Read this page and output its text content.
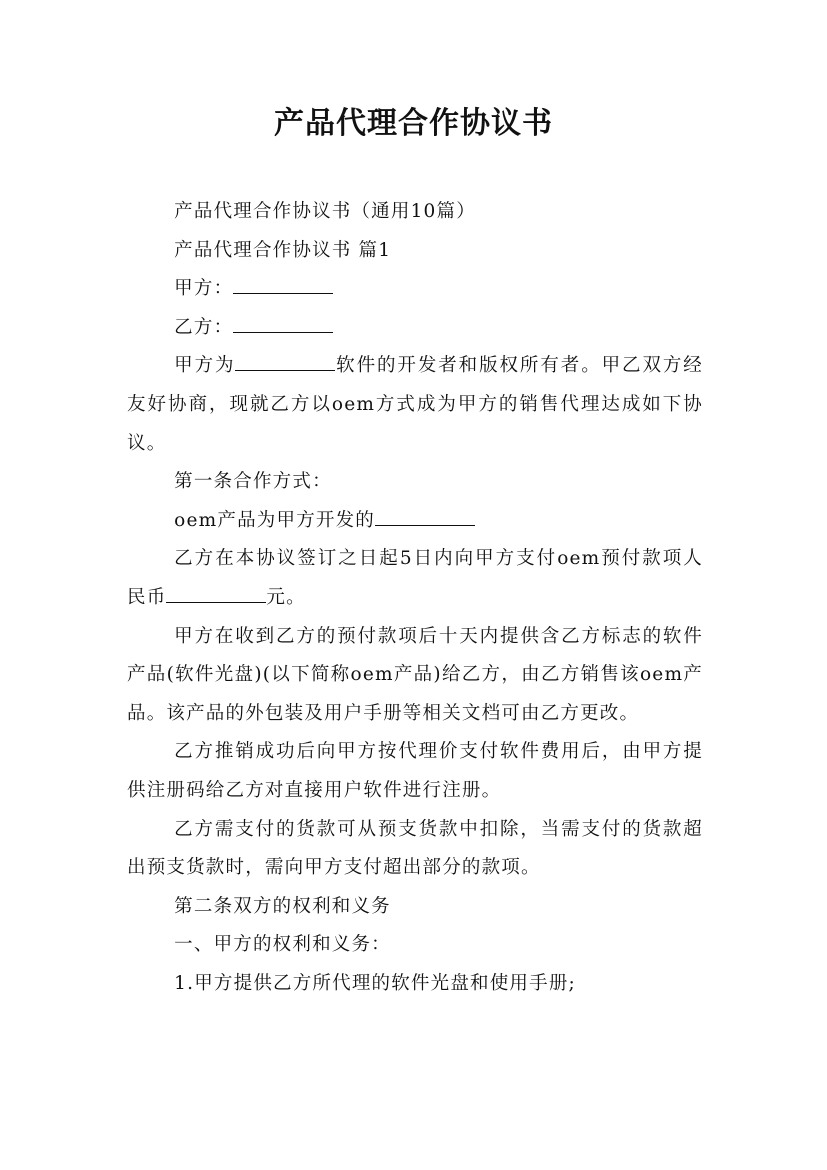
产品代理合作协议书

产品代理合作协议书（通用10篇）

产品代理合作协议书 篇1

甲方：

乙方：

甲方为	软件的开发者和版权所有者。甲乙双方经友好协商，现就乙方以oem方式成为甲方的销售代理达成如下协议。

第一条合作方式：

oem产品为甲方开发的

乙方在本协议签订之日起5日内向甲方支付oem预付款项人民币	元。

甲方在收到乙方的预付款项后十天内提供含乙方标志的软件产品(软件光盘)(以下简称oem产品)给乙方，由乙方销售该oem产品。该产品的外包装及用户手册等相关文档可由乙方更改。

乙方推销成功后向甲方按代理价支付软件费用后，由甲方提供注册码给乙方对直接用户软件进行注册。

乙方需支付的货款可从预支货款中扣除，当需支付的货款超出预支货款时，需向甲方支付超出部分的款项。

第二条双方的权利和义务

一、甲方的权利和义务：

1.甲方提供乙方所代理的软件光盘和使用手册;
